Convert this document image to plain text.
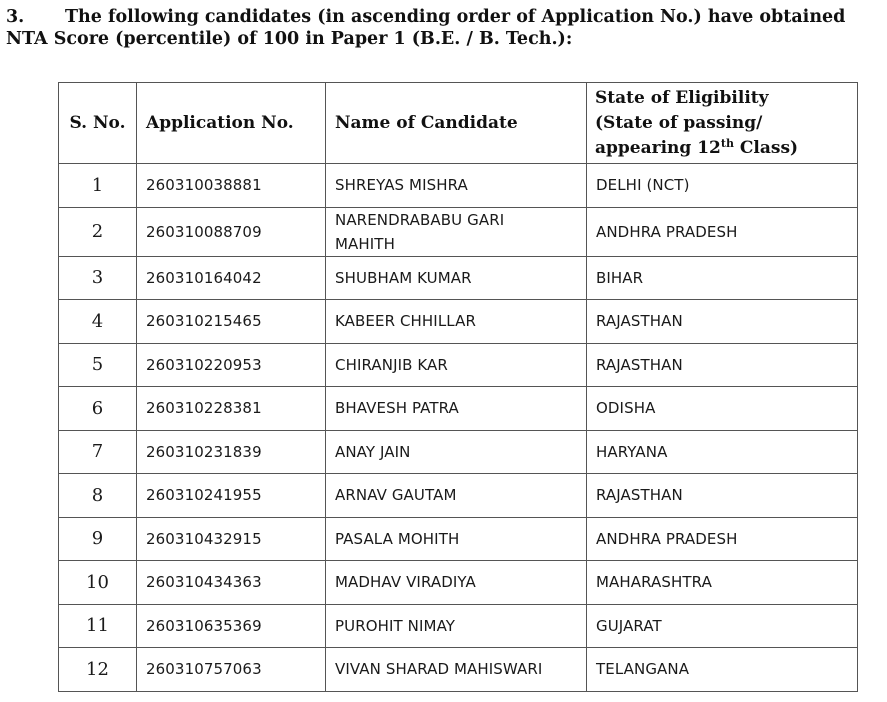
3. The following candidates (in ascending order of Application No.) have obtained
NTA Score (percentile) of 100 in Paper 1 (B.E. / B. Tech.):
S. No.	Application No.	Name of Candidate	State of Eligibility
(State of passing/
appearing 12th Class)
1	260310038881	SHREYAS MISHRA	DELHI (NCT)
2	260310088709	NARENDRABABU GARI
MAHITH	ANDHRA PRADESH
3	260310164042	SHUBHAM KUMAR	BIHAR
4	260310215465	KABEER CHHILLAR	RAJASTHAN
5	260310220953	CHIRANJIB KAR	RAJASTHAN
6	260310228381	BHAVESH PATRA	ODISHA
7	260310231839	ANAY JAIN	HARYANA
8	260310241955	ARNAV GAUTAM	RAJASTHAN
9	260310432915	PASALA MOHITH	ANDHRA PRADESH
10	260310434363	MADHAV VIRADIYA	MAHARASHTRA
11	260310635369	PUROHIT NIMAY	GUJARAT
12	260310757063	VIVAN SHARAD MAHISWARI	TELANGANA
